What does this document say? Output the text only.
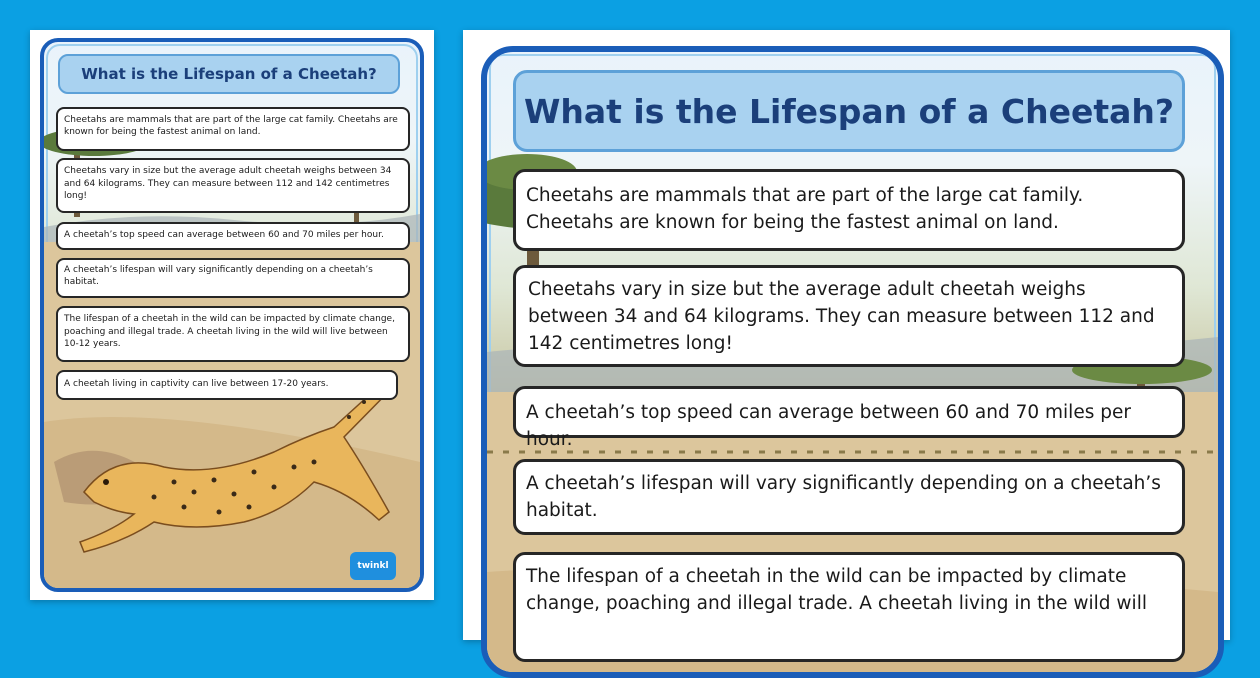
What is the Lifespan of a Cheetah?
Cheetahs are mammals that are part of the large cat family. Cheetahs are known for being the fastest animal on land.
Cheetahs vary in size but the average adult cheetah weighs between 34 and 64 kilograms. They can measure between 112 and 142 centimetres long!
A cheetah’s top speed can average between 60 and 70 miles per hour.
A cheetah’s lifespan will vary significantly depending on a cheetah’s habitat.
The lifespan of a cheetah in the wild can be impacted by climate change, poaching and illegal trade. A cheetah living in the wild will live between 10-12 years.
A cheetah living in captivity can live between 17-20 years.
twinkl
What is the Lifespan of a Cheetah?
Cheetahs are mammals that are part of the large cat family. Cheetahs are known for being the fastest animal on land.
Cheetahs vary in size but the average adult cheetah weighs between 34 and 64 kilograms. They can measure between 112 and 142 centimetres long!
A cheetah’s top speed can average between 60 and 70 miles per hour.
A cheetah’s lifespan will vary significantly depending on a cheetah’s habitat.
The lifespan of a cheetah in the wild can be impacted by climate change, poaching and illegal trade. A cheetah living in the wild will
